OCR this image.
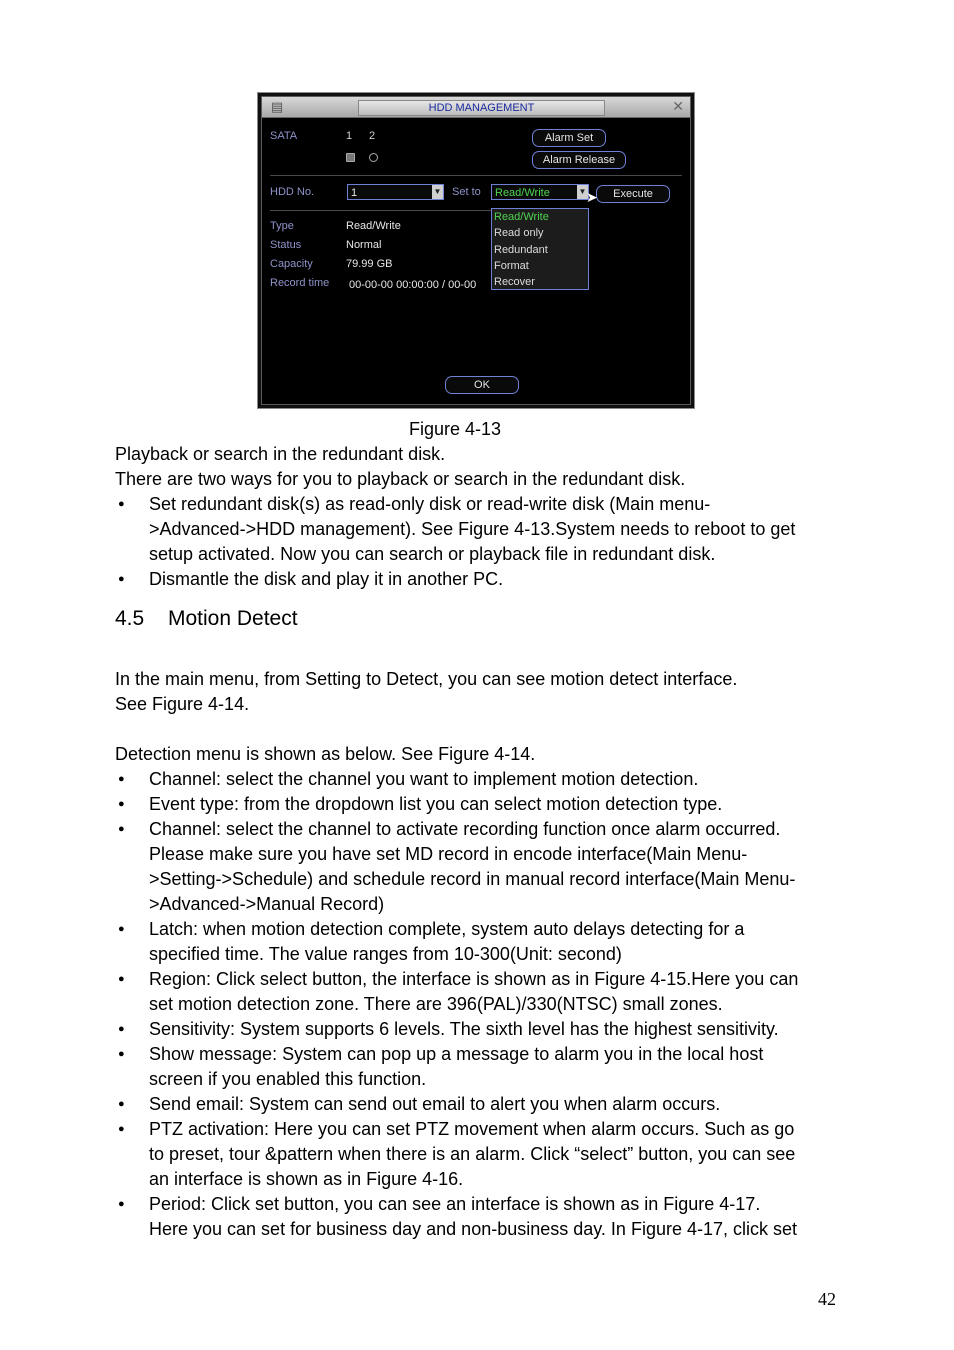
▤	HDD MANAGEMENT	✕
SATA	1 2	Alarm Set
Alarm Release
HDD No.	1	▼ Set to	Read/Write	▼	Execute
Type	Read/Write
Status	Normal
Capacity	79.99 GB
Record time 00-00-00 00:00:00 / 00-00
Read/Write
Read only
Redundant
Format
Recover
➤
OK
Figure 4-13
Playback or search in the redundant disk.
There are two ways for you to playback or search in the redundant disk.
● Set redundant disk(s) as read-only disk or read-write disk (Main menu-
>Advanced->HDD management). See Figure 4-13.System needs to reboot to get
setup activated. Now you can search or playback file in redundant disk.
● Dismantle the disk and play it in another PC.
4.5 Motion Detect
In the main menu, from Setting to Detect, you can see motion detect interface.
See Figure 4-14.
Detection menu is shown as below. See Figure 4-14.
● Channel: select the channel you want to implement motion detection.
● Event type: from the dropdown list you can select motion detection type.
● Channel: select the channel to activate recording function once alarm occurred.
Please make sure you have set MD record in encode interface(Main Menu-
>Setting->Schedule) and schedule record in manual record interface(Main Menu-
>Advanced->Manual Record)
● Latch: when motion detection complete, system auto delays detecting for a
specified time. The value ranges from 10-300(Unit: second)
● Region: Click select button, the interface is shown as in Figure 4-15.Here you can
set motion detection zone. There are 396(PAL)/330(NTSC) small zones.
● Sensitivity: System supports 6 levels. The sixth level has the highest sensitivity.
● Show message: System can pop up a message to alarm you in the local host
screen if you enabled this function.
● Send email: System can send out email to alert you when alarm occurs.
● PTZ activation: Here you can set PTZ movement when alarm occurs. Such as go
to preset, tour &pattern when there is an alarm. Click “select” button, you can see
an interface is shown as in Figure 4-16.
● Period: Click set button, you can see an interface is shown as in Figure 4-17.
Here you can set for business day and non-business day. In Figure 4-17, click set
42
